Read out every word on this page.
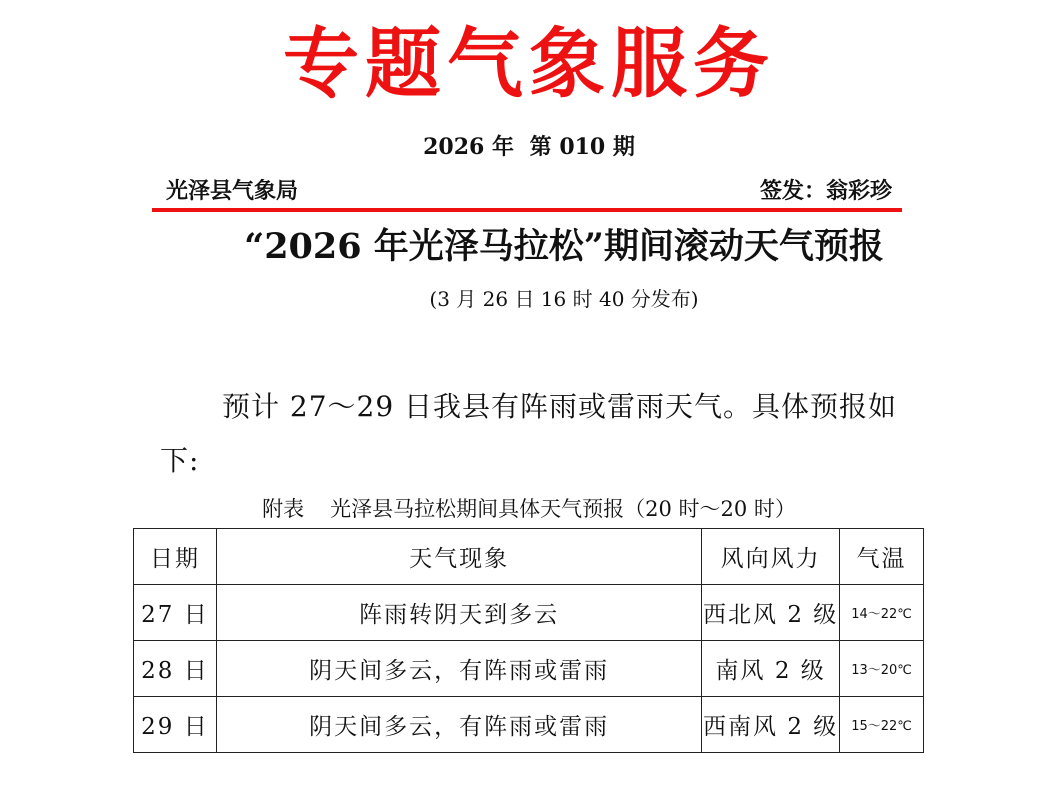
专题气象服务
2026 年 第 010 期
光泽县气象局	签发：翁彩珍
“2026 年光泽马拉松”期间滚动天气预报
(3 月 26 日 16 时 40 分发布)
预计 27～29 日我县有阵雨或雷雨天气。具体预报如下:
附表 光泽县马拉松期间具体天气预报（20 时～20 时）
日期	天气现象	风向风力	气温
27 日	阵雨转阴天到多云	西北风 2 级	14～22℃
28 日	阴天间多云，有阵雨或雷雨	南风 2 级	13～20℃
29 日	阴天间多云，有阵雨或雷雨	西南风 2 级	15～22℃
